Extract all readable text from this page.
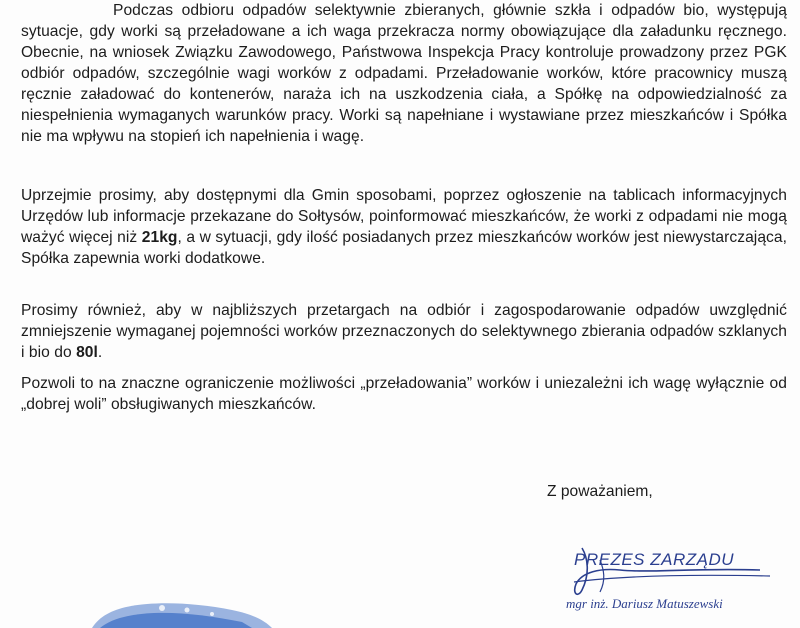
Podczas odbioru odpadów selektywnie zbieranych, głównie szkła i odpadów bio, występują sytuacje, gdy worki są przeładowane a ich waga przekracza normy obowiązujące dla załadunku ręcznego. Obecnie, na wniosek Związku Zawodowego, Państwowa Inspekcja Pracy kontroluje prowadzony przez PGK odbiór odpadów, szczególnie wagi worków z odpadami. Przeładowanie worków, które pracownicy muszą ręcznie załadować do kontenerów, naraża ich na uszkodzenia ciała, a Spółkę na odpowiedzialność za niespełnienia wymaganych warunków pracy. Worki są napełniane i wystawiane przez mieszkańców i Spółka nie ma wpływu na stopień ich napełnienia i wagę.

Uprzejmie prosimy, aby dostępnymi dla Gmin sposobami, poprzez ogłoszenie na tablicach informacyjnych Urzędów lub informacje przekazane do Sołtysów, poinformować mieszkańców, że worki z odpadami nie mogą ważyć więcej niż 21kg, a w sytuacji, gdy ilość posiadanych przez mieszkańców worków jest niewystarczająca, Spółka zapewnia worki dodatkowe.

Prosimy również, aby w najbliższych przetargach na odbiór i zagospodarowanie odpadów uwzględnić zmniejszenie wymaganej pojemności worków przeznaczonych do selektywnego zbierania odpadów szklanych i bio do 80l.

Pozwoli to na znaczne ograniczenie możliwości „przeładowania” worków i uniezależni ich wagę wyłącznie od „dobrej woli” obsługiwanych mieszkańców.

Z poważaniem,
PREZES ZARZĄDU
mgr inż. Dariusz Matuszewski
